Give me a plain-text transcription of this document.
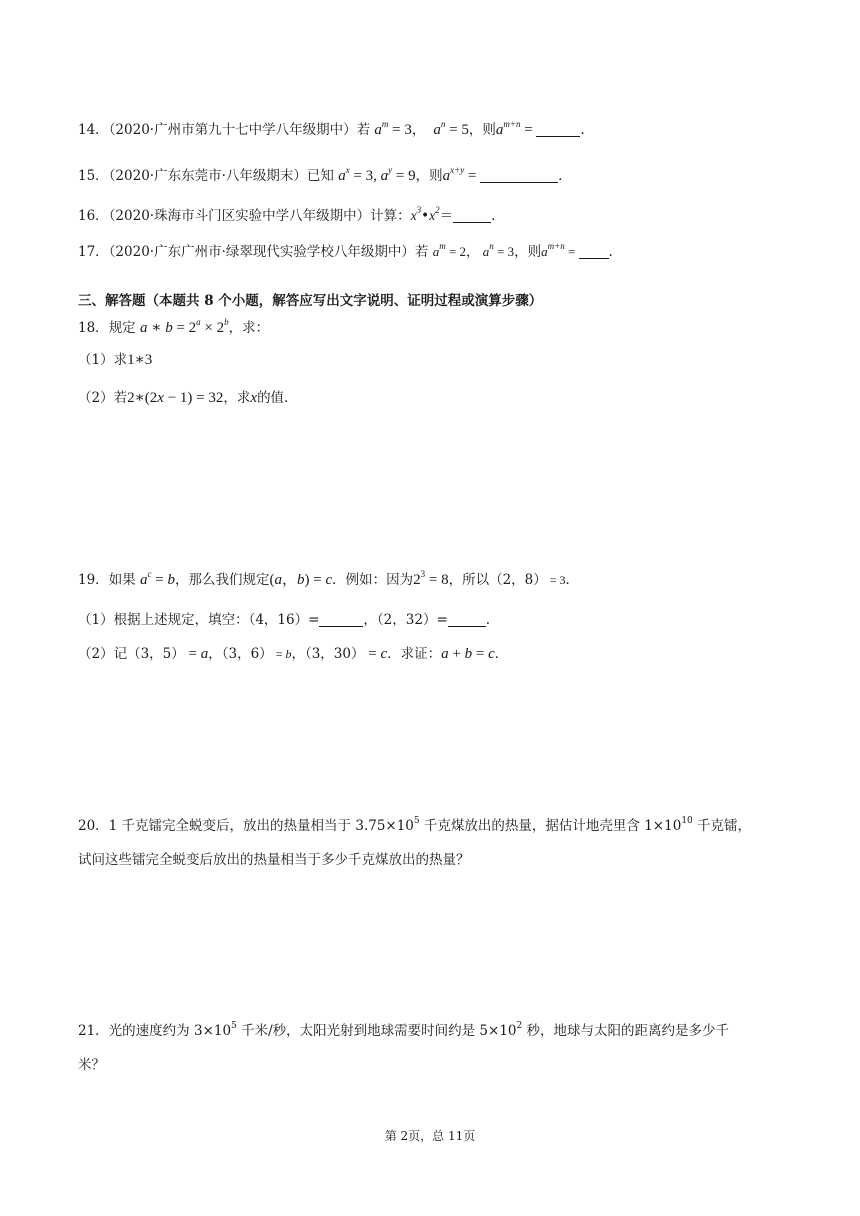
14．（2020·广州市第九十七中学八年级期中）若 $a^m = 3$，  $a^n = 5$，则$a^{m+n}$ =	.
15．（2020·广东东莞市·八年级期末）已知 $a^x = 3$, $a^y = 9$，则$a^{x+y}$ =	.
16．（2020·珠海市斗门区实验中学八年级期中）计算：$x^3•x^2=$	.
17．（2020·广东广州市·绿翠现代实验学校八年级期中）若 $a^m = 2$， $a^n = 3$，则$a^{m+n}$ = .
三、解答题（本题共 8 个小题，解答应写出文字说明、证明过程或演算步骤）
18．规定 a ∗ $b = 2^a \times 2^b$，求：
（1）求1∗3
（2）若2∗(2x − 1) = 32，求x的值.
19．如果 $a^c = b$，那么我们规定(a，b) = c．例如：因为$2^3 = 8$，所以（2，8） = 3．
（1）根据上述规定，填空：（4，16）=	，（2，32）=	.
（2）记（3，5） = a，（3，6） = b，（3，30） = c．求证：a + b = c．
20．1 千克镭完全蜕变后，放出的热量相当于 $3.75\times 10^5$ 千克煤放出的热量，据估计地壳里含 $1\times 10^{10}$ 千克镭，
试问这些镭完全蜕变后放出的热量相当于多少千克煤放出的热量？
21．光的速度约为 $3\times 10^5$ 千米/秒，太阳光射到地球需要时间约是 $5\times 10^2$ 秒，地球与太阳的距离约是多少千
米？
第 2页，总 11页
